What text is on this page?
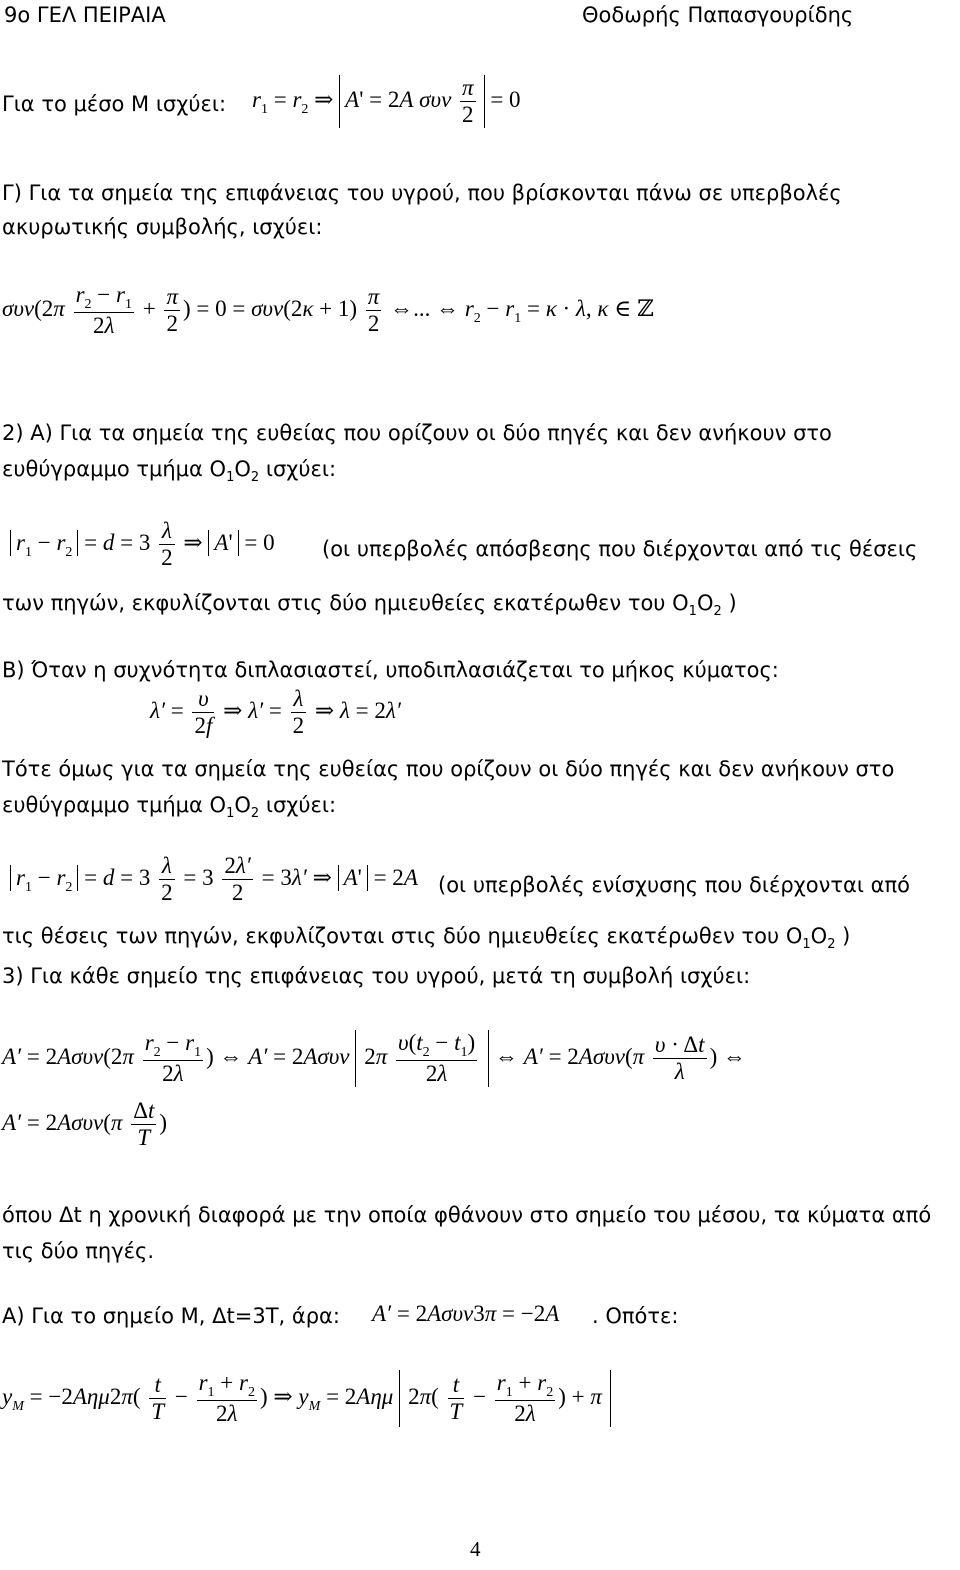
9ο ΓΕΛ ΠΕΙΡΑΙΑ	Θοδωρής Παπασγουρίδης
Για το μέσο Μ ισχύει: $r_1 = r_2$ ⇒ A' = 2A συν $\frac{\pi}{2} = 0$
Γ) Για τα σημεία της επιφάνειας του υγρού, που βρίσκονται πάνω σε υπερβολές
ακυρωτικής συμβολής, ισχύει:
$\sigma\upsilon\nu(2\pi \frac{r_2 - r_1}{2\lambda} + \frac{\pi}{2}$ ) = $0 = \sigma\upsilon\nu(2\kappa + 1) \frac{\pi}{2}$ ⇔... ⇔ $r_2 - r_1 = \kappa \cdot \lambda$, κ ∈ ℤ
2) Α) Για τα σημεία της ευθείας που ορίζουν οι δύο πηγές και δεν ανήκουν στο
ευθύγραμμο τμήμα $O_1O_2$ ισχύει:
$r_1 - r_2 = d = 3 \frac{\lambda}{2}$ ⇒ A' = 0 (οι υπερβολές απόσβεσης που διέρχονται από τις θέσεις
των πηγών, εκφυλίζονται στις δύο ημιευθείες εκατέρωθεν του $O_1O_2$ )
Β) Όταν η συχνότητα διπλασιαστεί, υποδιπλασιάζεται το μήκος κύματος:
$\lambda' = \frac{\upsilon}{2f}$ ⇒ $\lambda' = \frac{\lambda}{2}$ ⇒ λ = 2λ′
Τότε όμως για τα σημεία της ευθείας που ορίζουν οι δύο πηγές και δεν ανήκουν στο
ευθύγραμμο τμήμα $O_1O_2$ ισχύει:
$r_1 - r_2 = d = 3 \frac{\lambda}{2} = 3 \frac{2\lambda'}{2} = 3\lambda'$ ⇒ A' = 2A (οι υπερβολές ενίσχυσης που διέρχονται από
τις θέσεις των πηγών, εκφυλίζονται στις δύο ημιευθείες εκατέρωθεν του $O_1O_2$ )
3) Για κάθε σημείο της επιφάνειας του υγρού, μετά τη συμβολή ισχύει:
$A' = 2A\sigma\upsilon\nu(2\pi \frac{r_2 - r_1}{2\lambda}$ ) ⇔ A′ = 2Aσυν $2\pi \frac{\upsilon(t_2 - t_1)}{2\lambda}$ ⇔ $A' = 2A\sigma\upsilon\nu(\pi \frac{\upsilon \cdot \Delta t}{\lambda}$ ) ⇔
$A' = 2A\sigma\upsilon\nu(\pi \frac{\Delta t}{T}$ )
όπου Δt η χρονική διαφορά με την οποία φθάνουν στο σημείο του μέσου, τα κύματα από
τις δύο πηγές.
Α) Για το σημείο Μ, Δt=3T, άρα: A′ = 2Aσυν3π = −2A . Οπότε:
$y_M = -2A\eta\mu 2\pi( \frac{t}{T} - \frac{r_1 + r_2}{2\lambda}$ ) ⇒ $y_M = 2A\eta\mu$ $2\pi( \frac{t}{T} - \frac{r_1 + r_2}{2\lambda}$ ) + π
4
